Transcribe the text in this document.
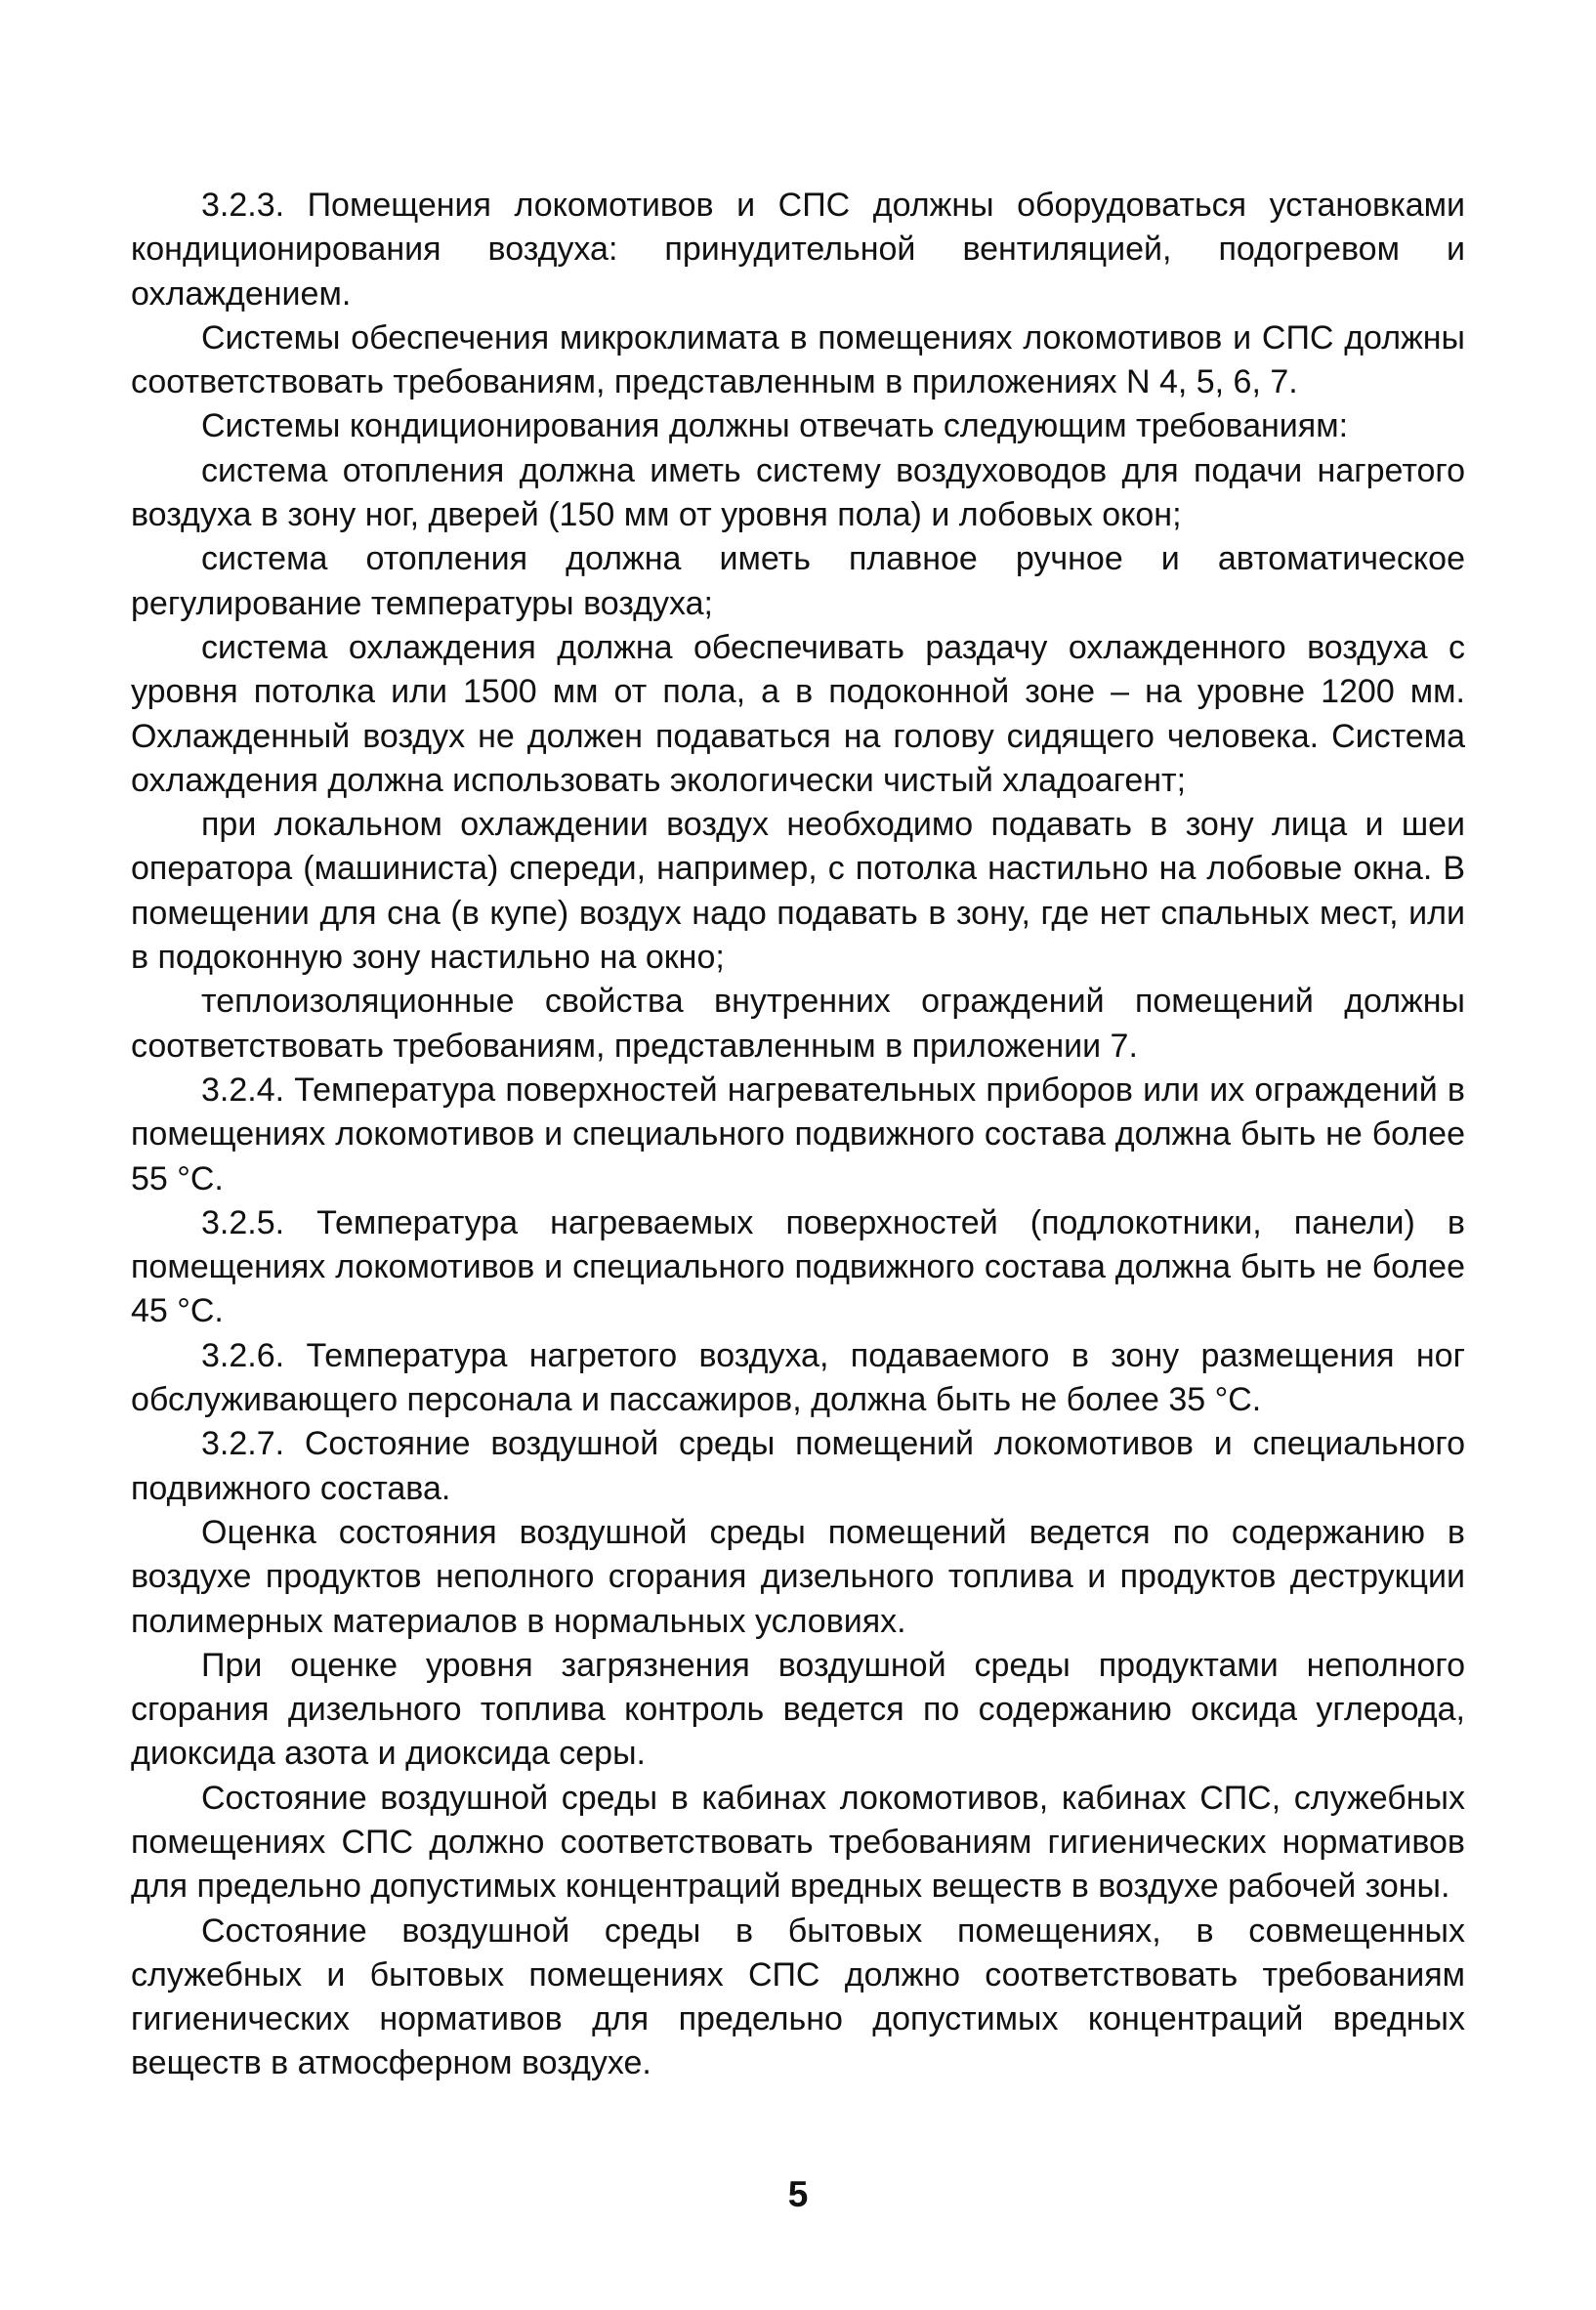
3.2.3. Помещения локомотивов и СПС должны оборудоваться установками кондиционирования воздуха: принудительной вентиляцией, подогревом и охлаждением.

Системы обеспечения микроклимата в помещениях локомотивов и СПС должны соответствовать требованиям, представленным в приложениях N 4, 5, 6, 7.

Системы кондиционирования должны отвечать следующим требованиям:

система отопления должна иметь систему воздуховодов для подачи нагретого воздуха в зону ног, дверей (150 мм от уровня пола) и лобовых окон;

система отопления должна иметь плавное ручное и автоматическое регулирование температуры воздуха;

система охлаждения должна обеспечивать раздачу охлажденного воздуха с уровня потолка или 1500 мм от пола, а в подоконной зоне – на уровне 1200 мм. Охлажденный воздух не должен подаваться на голову сидящего человека. Система охлаждения должна использовать экологически чистый хладоагент;

при локальном охлаждении воздух необходимо подавать в зону лица и шеи оператора (машиниста) спереди, например, с потолка настильно на лобовые окна. В помещении для сна (в купе) воздух надо подавать в зону, где нет спальных мест, или в подоконную зону настильно на окно;

теплоизоляционные свойства внутренних ограждений помещений должны соответствовать требованиям, представленным в приложении 7.

3.2.4. Температура поверхностей нагревательных приборов или их ограждений в помещениях локомотивов и специального подвижного состава должна быть не более 55 °С.

3.2.5. Температура нагреваемых поверхностей (подлокотники, панели) в помещениях локомотивов и специального подвижного состава должна быть не более 45 °С.

3.2.6. Температура нагретого воздуха, подаваемого в зону размещения ног обслуживающего персонала и пассажиров, должна быть не более 35 °С.

3.2.7. Состояние воздушной среды помещений локомотивов и специального подвижного состава.

Оценка состояния воздушной среды помещений ведется по содержанию в воздухе продуктов неполного сгорания дизельного топлива и продуктов деструкции полимерных материалов в нормальных условиях.

При оценке уровня загрязнения воздушной среды продуктами неполного сгорания дизельного топлива контроль ведется по содержанию оксида углерода, диоксида азота и диоксида серы.

Состояние воздушной среды в кабинах локомотивов, кабинах СПС, служебных помещениях СПС должно соответствовать требованиям гигиенических нормативов для предельно допустимых концентраций вредных веществ в воздухе рабочей зоны.

Состояние воздушной среды в бытовых помещениях, в совмещенных служебных и бытовых помещениях СПС должно соответствовать требованиям гигиенических нормативов для предельно допустимых концентраций вредных веществ в атмосферном воздухе.

5
